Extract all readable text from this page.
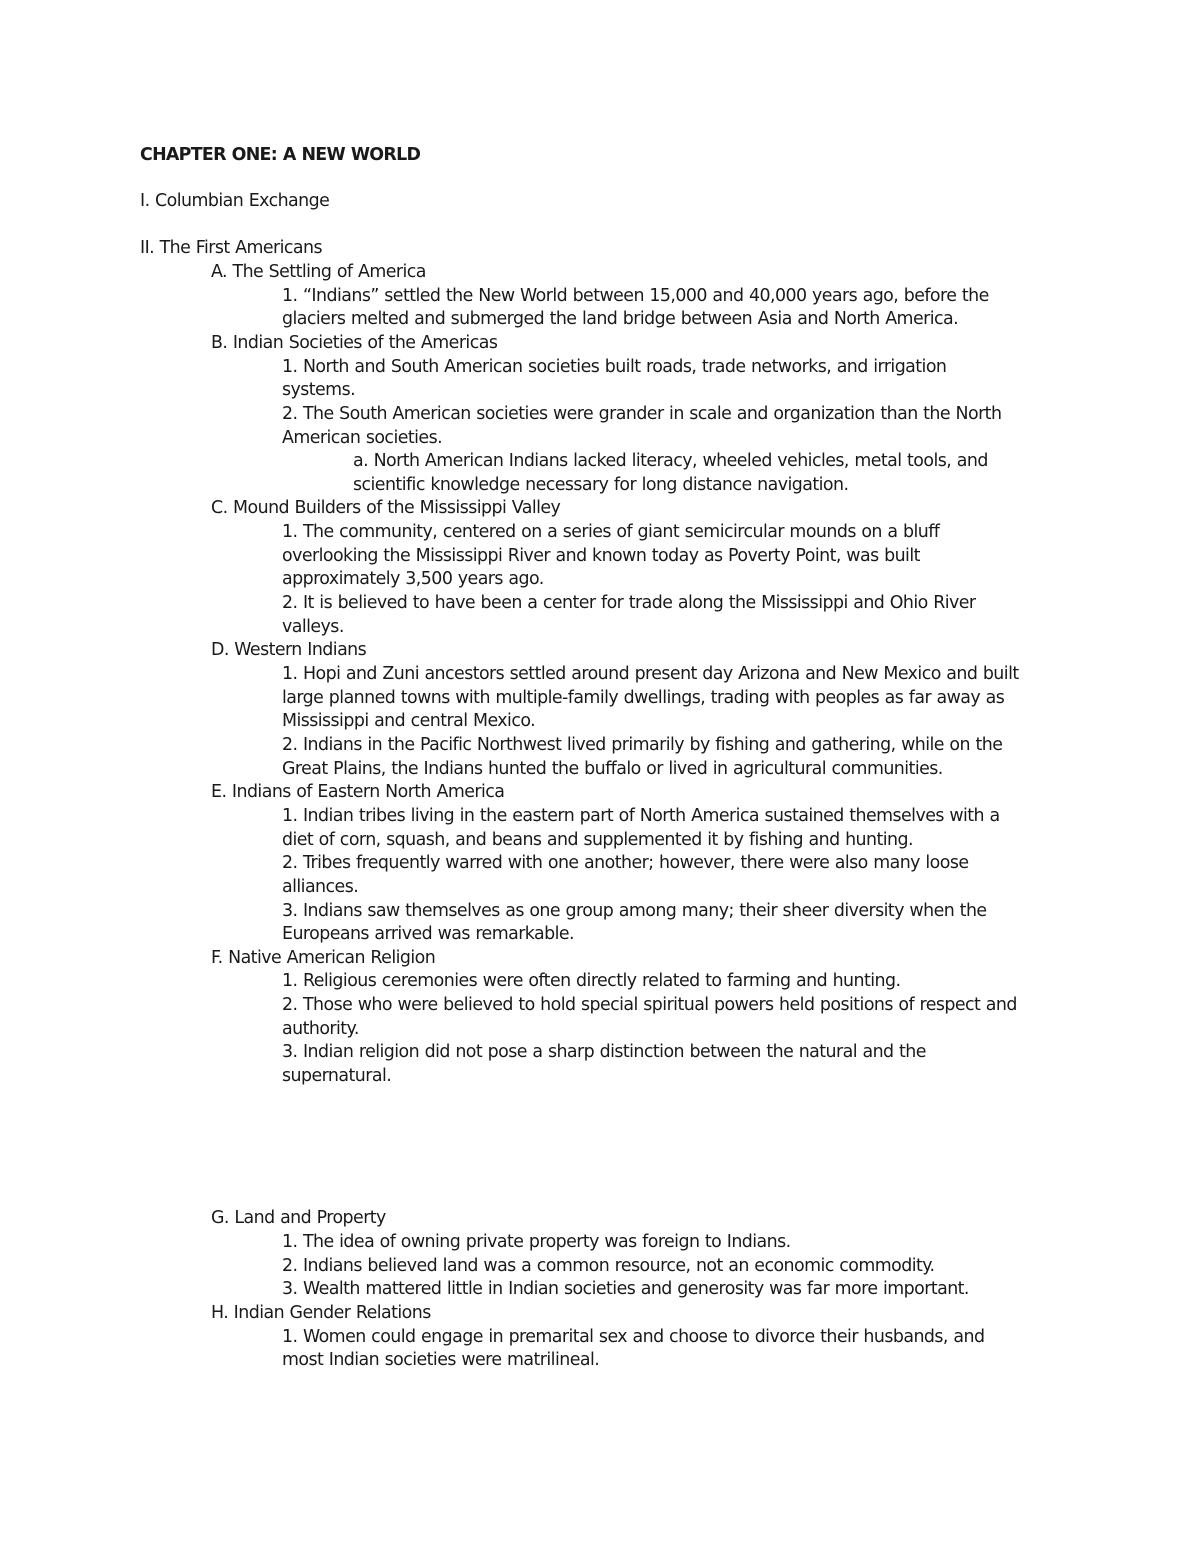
CHAPTER ONE: A NEW WORLD
I. Columbian Exchange
II. The First Americans
A. The Settling of America
1. “Indians” settled the New World between 15,000 and 40,000 years ago, before the
glaciers melted and submerged the land bridge between Asia and North America.
B. Indian Societies of the Americas
1. North and South American societies built roads, trade networks, and irrigation
systems.
2. The South American societies were grander in scale and organization than the North
American societies.
a. North American Indians lacked literacy, wheeled vehicles, metal tools, and
scientific knowledge necessary for long distance navigation.
C. Mound Builders of the Mississippi Valley
1. The community, centered on a series of giant semicircular mounds on a bluff
overlooking the Mississippi River and known today as Poverty Point, was built
approximately 3,500 years ago.
2. It is believed to have been a center for trade along the Mississippi and Ohio River
valleys.
D. Western Indians
1. Hopi and Zuni ancestors settled around present day Arizona and New Mexico and built
large planned towns with multiple-family dwellings, trading with peoples as far away as
Mississippi and central Mexico.
2. Indians in the Pacific Northwest lived primarily by fishing and gathering, while on the
Great Plains, the Indians hunted the buffalo or lived in agricultural communities.
E. Indians of Eastern North America
1. Indian tribes living in the eastern part of North America sustained themselves with a
diet of corn, squash, and beans and supplemented it by fishing and hunting.
2. Tribes frequently warred with one another; however, there were also many loose
alliances.
3. Indians saw themselves as one group among many; their sheer diversity when the
Europeans arrived was remarkable.
F. Native American Religion
1. Religious ceremonies were often directly related to farming and hunting.
2. Those who were believed to hold special spiritual powers held positions of respect and
authority.
3. Indian religion did not pose a sharp distinction between the natural and the
supernatural.
G. Land and Property
1. The idea of owning private property was foreign to Indians.
2. Indians believed land was a common resource, not an economic commodity.
3. Wealth mattered little in Indian societies and generosity was far more important.
H. Indian Gender Relations
1. Women could engage in premarital sex and choose to divorce their husbands, and
most Indian societies were matrilineal.
